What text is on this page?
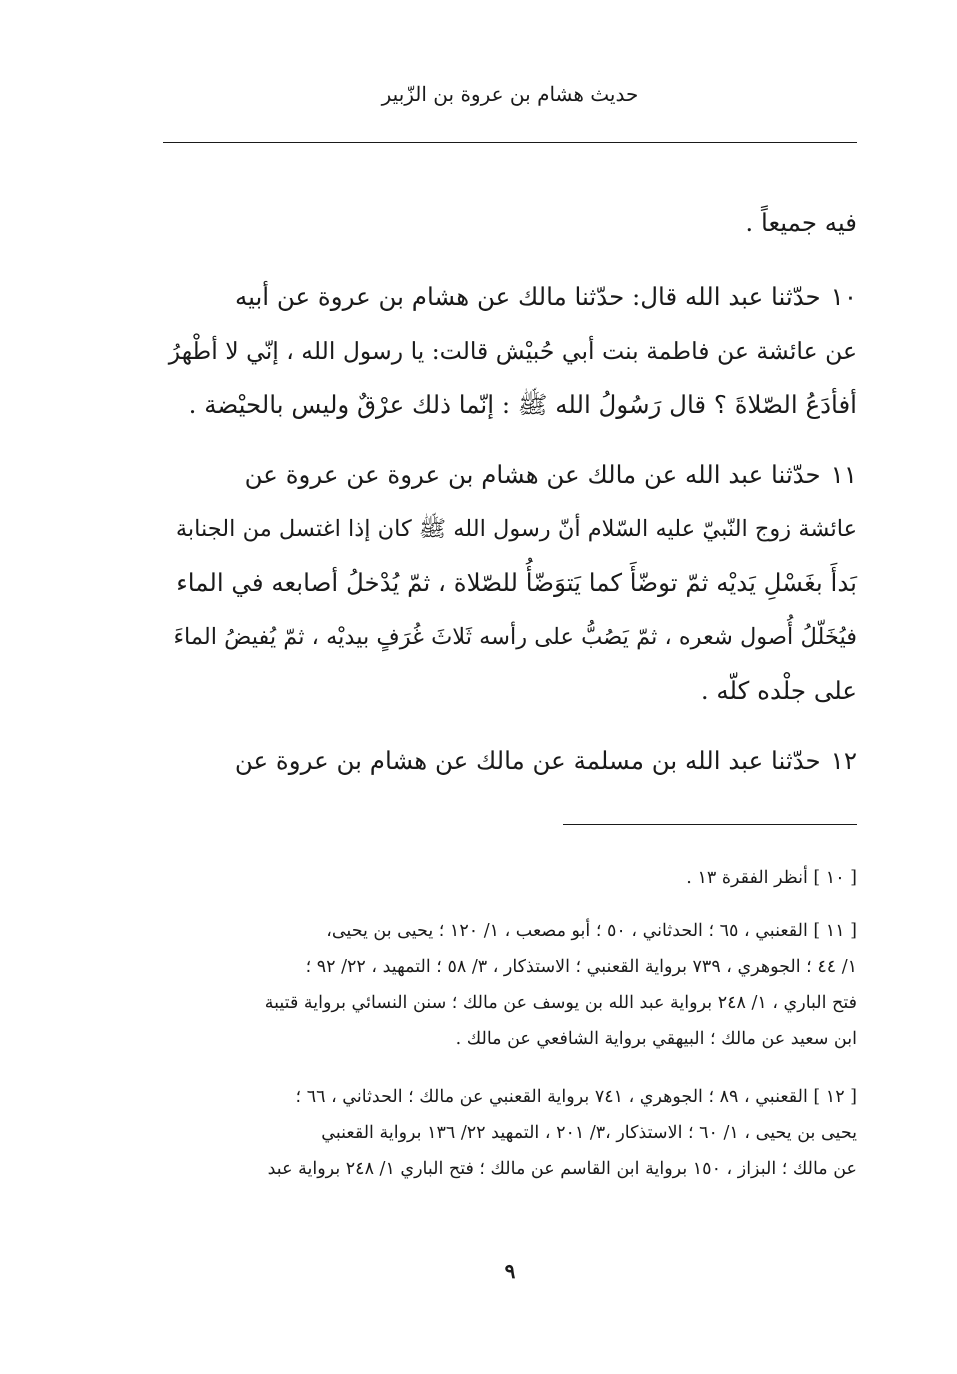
حديث هشام بن عروة بن الزّبير
فيه جميعاً .
١٠حدّثنا عبد الله قال: حدّثنا مالك عن هشام بن عروة عن أبيه
عن عائشة عن فاطمة بنت أبي حُبيْش قالت: يا رسول الله ، إنّي لا أطْهرُ
أفأدَعُ الصّلاةَ ؟ قال رَسُولُ الله ﷺ : إنّما ذلك عرْقٌ وليس بالحيْضة .
١١حدّثنا عبد الله عن مالك عن هشام بن عروة عن عروة عن
عائشة زوج النّبيّ عليه السّلام أنّ رسول الله ﷺ كان إذا اغتسل من الجنابة
بَدأَ بغَسْلِ يَديْه ثمّ توضّأَ كما يَتوَضّأُ للصّلاة ، ثمّ يُدْخلُ أصابعه في الماء
فيُخَلّلُ أُصول شعره ، ثمّ يَصُبُّ على رأسه ثَلاثَ غُرَفٍ بيديْه ، ثمّ يُفيضُ الماءَ
على جلْده كلّه .
١٢حدّثنا عبد الله بن مسلمة عن مالك عن هشام بن عروة عن
[ ١٠ ] أنظر الفقرة ١٣ .
[ ١١ ] القعنبي ، ٦٥ ؛ الحدثاني ، ٥٠ ؛ أبو مصعب ، ١/ ١٢٠ ؛ يحيى بن يحيى،
١/ ٤٤ ؛ الجوهري ، ٧٣٩ برواية القعنبي ؛ الاستذكار ، ٣/ ٥٨ ؛ التمهيد ، ٢٢/ ٩٢ ؛
فتح الباري ، ١/ ٢٤٨ برواية عبد الله بن يوسف عن مالك ؛ سنن النسائي برواية قتيبة
ابن سعيد عن مالك ؛ البيهقي برواية الشافعي عن مالك .
[ ١٢ ] القعنبي ، ٨٩ ؛ الجوهري ، ٧٤١ برواية القعنبي عن مالك ؛ الحدثاني ، ٦٦ ؛
يحيى بن يحيى ، ١/ ٦٠ ؛ الاستذكار ،٣/ ٢٠١ ، التمهيد ٢٢/ ١٣٦ برواية القعنبي
عن مالك ؛ البزاز ، ١٥٠ برواية ابن القاسم عن مالك ؛ فتح الباري ١/ ٢٤٨ برواية عبد
٩
